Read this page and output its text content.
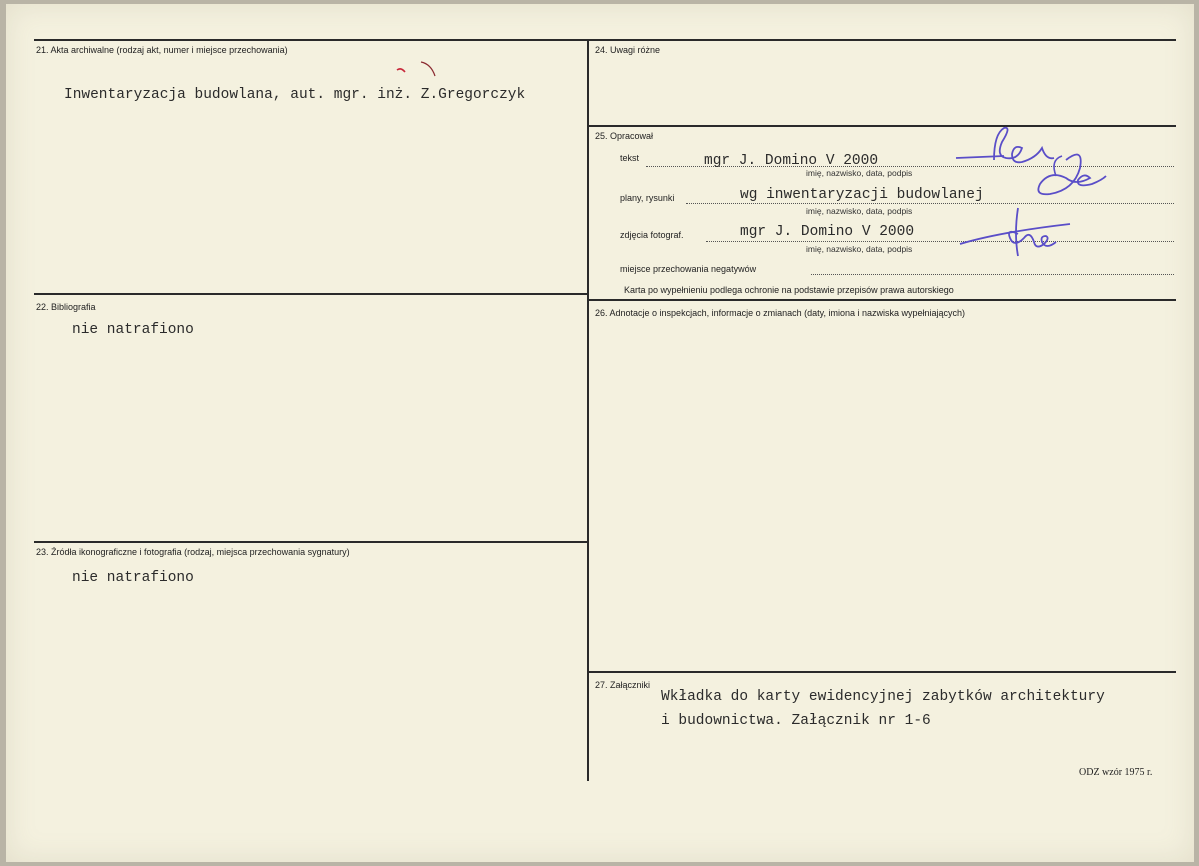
21. Akta archiwalne (rodzaj akt, numer i miejsce przechowania)
Inwentaryzacja budowlana, aut. mgr. inż. Z.Gregorczyk
22. Bibliografia
nie natrafiono
23. Źródła ikonograficzne i fotografia (rodzaj, miejsca przechowania sygnatury)
nie natrafiono
24. Uwagi różne
25. Opracował
tekst	mgr J. Domino V 2000
imię, nazwisko, data, podpis
plany, rysunki	wg inwentaryzacji budowlanej
imię, nazwisko, data, podpis
zdjęcia fotograf.	mgr J. Domino V 2000
imię, nazwisko, data, podpis
miejsce przechowania negatywów
Karta po wypełnieniu podlega ochronie na podstawie przepisów prawa autorskiego
26. Adnotacje o inspekcjach, informacje o zmianach (daty, imiona i nazwiska wypełniających)
27. Załączniki
Wkładka do karty ewidencyjnej zabytków architektury
i budownictwa. Załącznik nr 1-6
ODZ wzór 1975 r.
